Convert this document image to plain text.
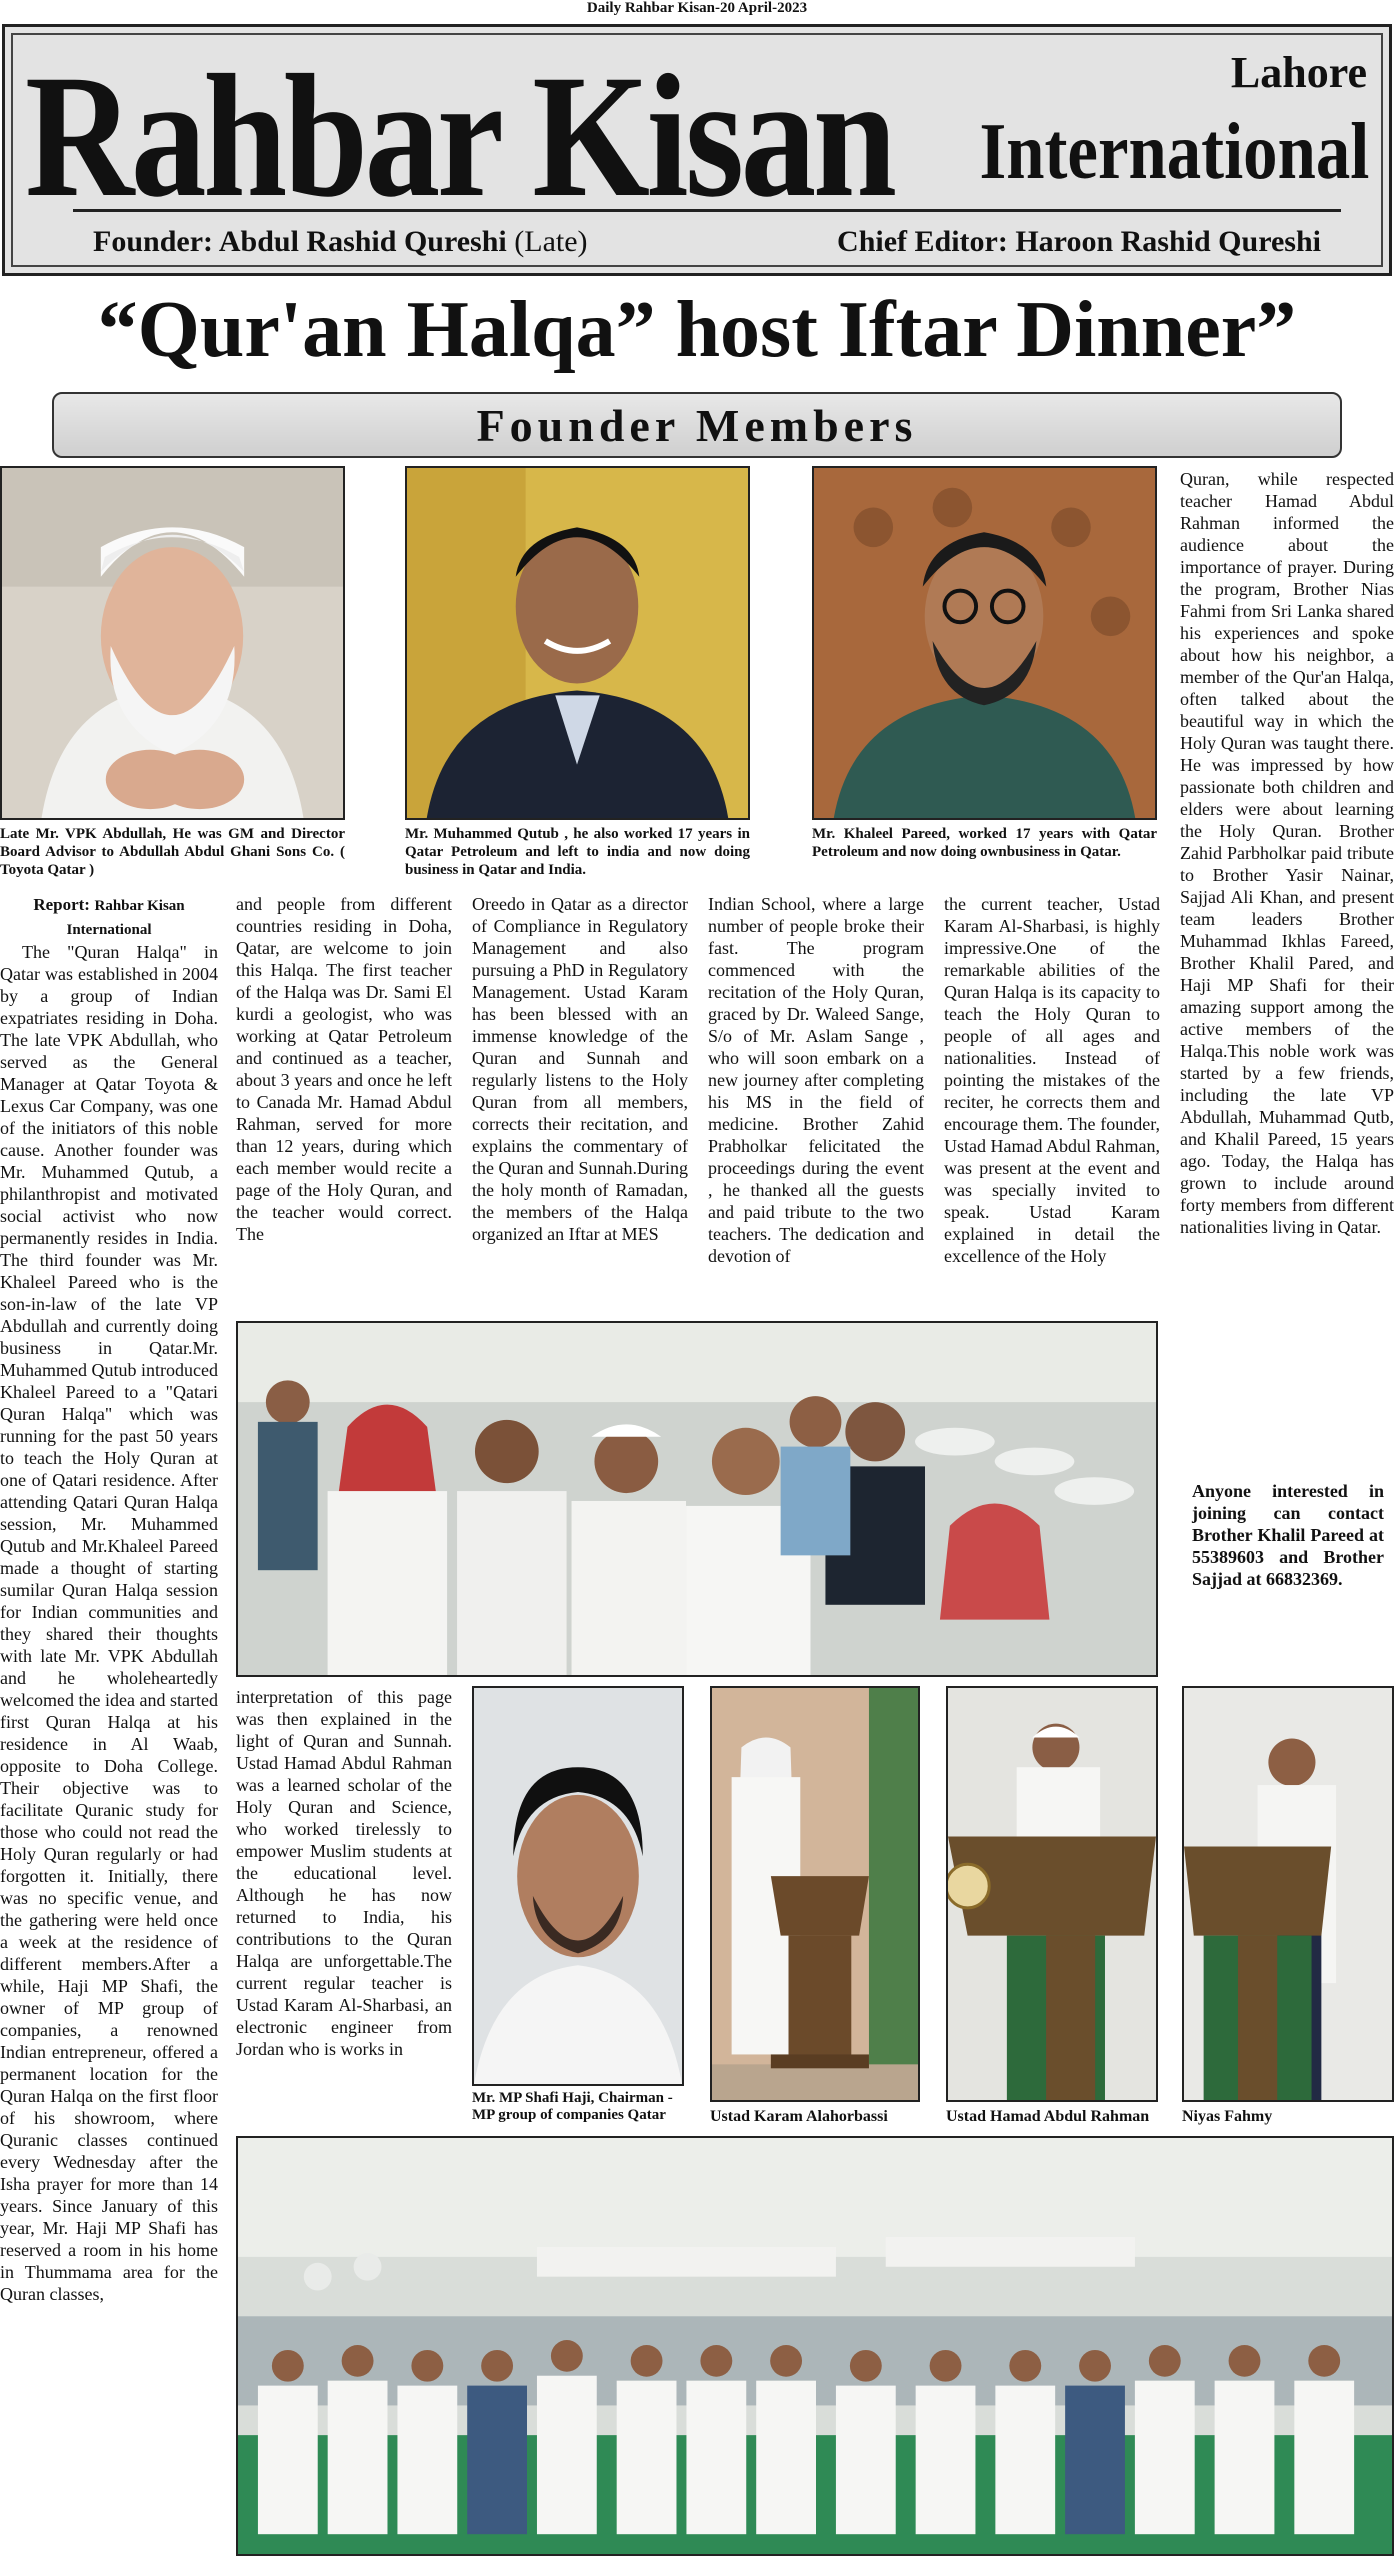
Daily Rahbar Kisan-20 April-2023
Rahbar Kisan	Lahore
International
Founder: Abdul Rashid Qureshi (Late)	Chief Editor: Haroon Rashid Qureshi
“Qur'an Halqa” host Iftar Dinner”
Founder Members
Late Mr. VPK Abdullah, He was GM and Director Board Advisor to Abdullah Abdul Ghani Sons Co. ( Toyota Qatar )
Mr. Muhammed Qutub , he also worked 17 years in Qatar Petroleum and left to india and now doing business in Qatar and India.
Mr. Khaleel Pareed, worked 17 years with Qatar Petroleum and now doing ownbusiness in Qatar.
Report: Rahbar Kisan International

The "Quran Halqa" in Qatar was established in 2004 by a group of Indian expatriates residing in Doha. The late VPK Abdullah, who served as the General Manager at Qatar Toyota & Lexus Car Company, was one of the initiators of this noble cause. Another founder was Mr. Muhammed Qutub, a philanthropist and motivated social activist who now permanently resides in India. The third founder was Mr. Khaleel Pareed who is the son-in-law of the late VP Abdullah and currently doing business in Qatar.Mr. Muhammed Qutub introduced Khaleel Pareed to a "Qatari Quran Halqa" which was running for the past 50 years to teach the Holy Quran at one of Qatari residence. After attending Qatari Quran Halqa session, Mr. Muhammed Qutub and Mr.Khaleel Pareed made a thought of starting sumilar Quran Halqa session for Indian communities and they shared their thoughts with late Mr. VPK Abdullah and he wholeheartedly welcomed the idea and started first Quran Halqa at his residence in Al Waab, opposite to Doha College. Their objective was to facilitate Quranic study for those who could not read the Holy Quran regularly or had forgotten it. Initially, there was no specific venue, and the gathering were held once a week at the residence of different members.After a while, Haji MP Shafi, the owner of MP group of companies, a renowned Indian entrepreneur, offered a permanent location for the Quran Halqa on the first floor of his showroom, where Quranic classes continued every Wednesday after the Isha prayer for more than 14 years. Since January of this year, Mr. Haji MP Shafi has reserved a room in his home in Thummama area for the Quran classes,

and people from different countries residing in Doha, Qatar, are welcome to join this Halqa. The first teacher of the Halqa was Dr. Sami El kurdi a geologist, who was working at Qatar Petroleum and continued as a teacher, about 3 years and once he left to Canada Mr. Hamad Abdul Rahman, served for more than 12 years, during which each member would recite a page of the Holy Quran, and the teacher would correct. The
Oreedo in Qatar as a director of Compliance in Regulatory Management and also pursuing a PhD in Regulatory Management. Ustad Karam has been blessed with an immense knowledge of the Quran and Sunnah and regularly listens to the Holy Quran from all members, corrects their recitation, and explains the commentary of the Quran and Sunnah.During the holy month of Ramadan, the members of the Halqa organized an Iftar at MES
Indian School, where a large number of people broke their fast. The program commenced with the recitation of the Holy Quran, graced by Dr. Waleed Sange, S/o of Mr. Aslam Sange , who will soon embark on a new journey after completing his MS in the field of medicine. Brother Zahid Prabholkar felicitated the proceedings during the event , he thanked all the guests and paid tribute to the two teachers. The dedication and devotion of
the current teacher, Ustad Karam Al-Sharbasi, is highly impressive.One of the remarkable abilities of the Quran Halqa is its capacity to teach the Holy Quran to people of all ages and nationalities. Instead of pointing the mistakes of the reciter, he corrects them and encourage them. The founder, Ustad Hamad Abdul Rahman, was present at the event and was specially invited to speak. Ustad Karam explained in detail the excellence of the Holy
Quran, while respected teacher Hamad Abdul Rahman informed the audience about the importance of prayer. During the program, Brother Nias Fahmi from Sri Lanka shared his experiences and spoke about how his neighbor, a member of the Qur'an Halqa, often talked about the beautiful way in which the Holy Quran was taught there. He was impressed by how passionate both children and elders were about learning the Holy Quran. Brother Zahid Parbholkar paid tribute to Brother Yasir Nainar, Sajjad Ali Khan, and present team leaders Brother Muhammad Ikhlas Fareed, Brother Khalil Pared, and Haji MP Shafi for their amazing support among the active members of the Halqa.This noble work was started by a few friends, including the late VP Abdullah, Muhammad Qutb, and Khalil Pareed, 15 years ago. Today, the Halqa has grown to include around forty members from different nationalities living in Qatar.
Anyone interested in joining can contact Brother Khalil Pareed at 55389603 and Brother Sajjad at 66832369.
interpretation of this page was then explained in the light of Quran and Sunnah. Ustad Hamad Abdul Rahman was a learned scholar of the Holy Quran and Science, who worked tirelessly to empower Muslim students at the educational level. Although he has now returned to India, his contributions to the Quran Halqa are unforgettable.The current regular teacher is Ustad Karam Al-Sharbasi, an electronic engineer from Jordan who is works in
Mr. MP Shafi Haji, Chairman - MP group of companies Qatar	Ustad Karam Alahorbassi	Ustad Hamad Abdul Rahman	Niyas Fahmy
